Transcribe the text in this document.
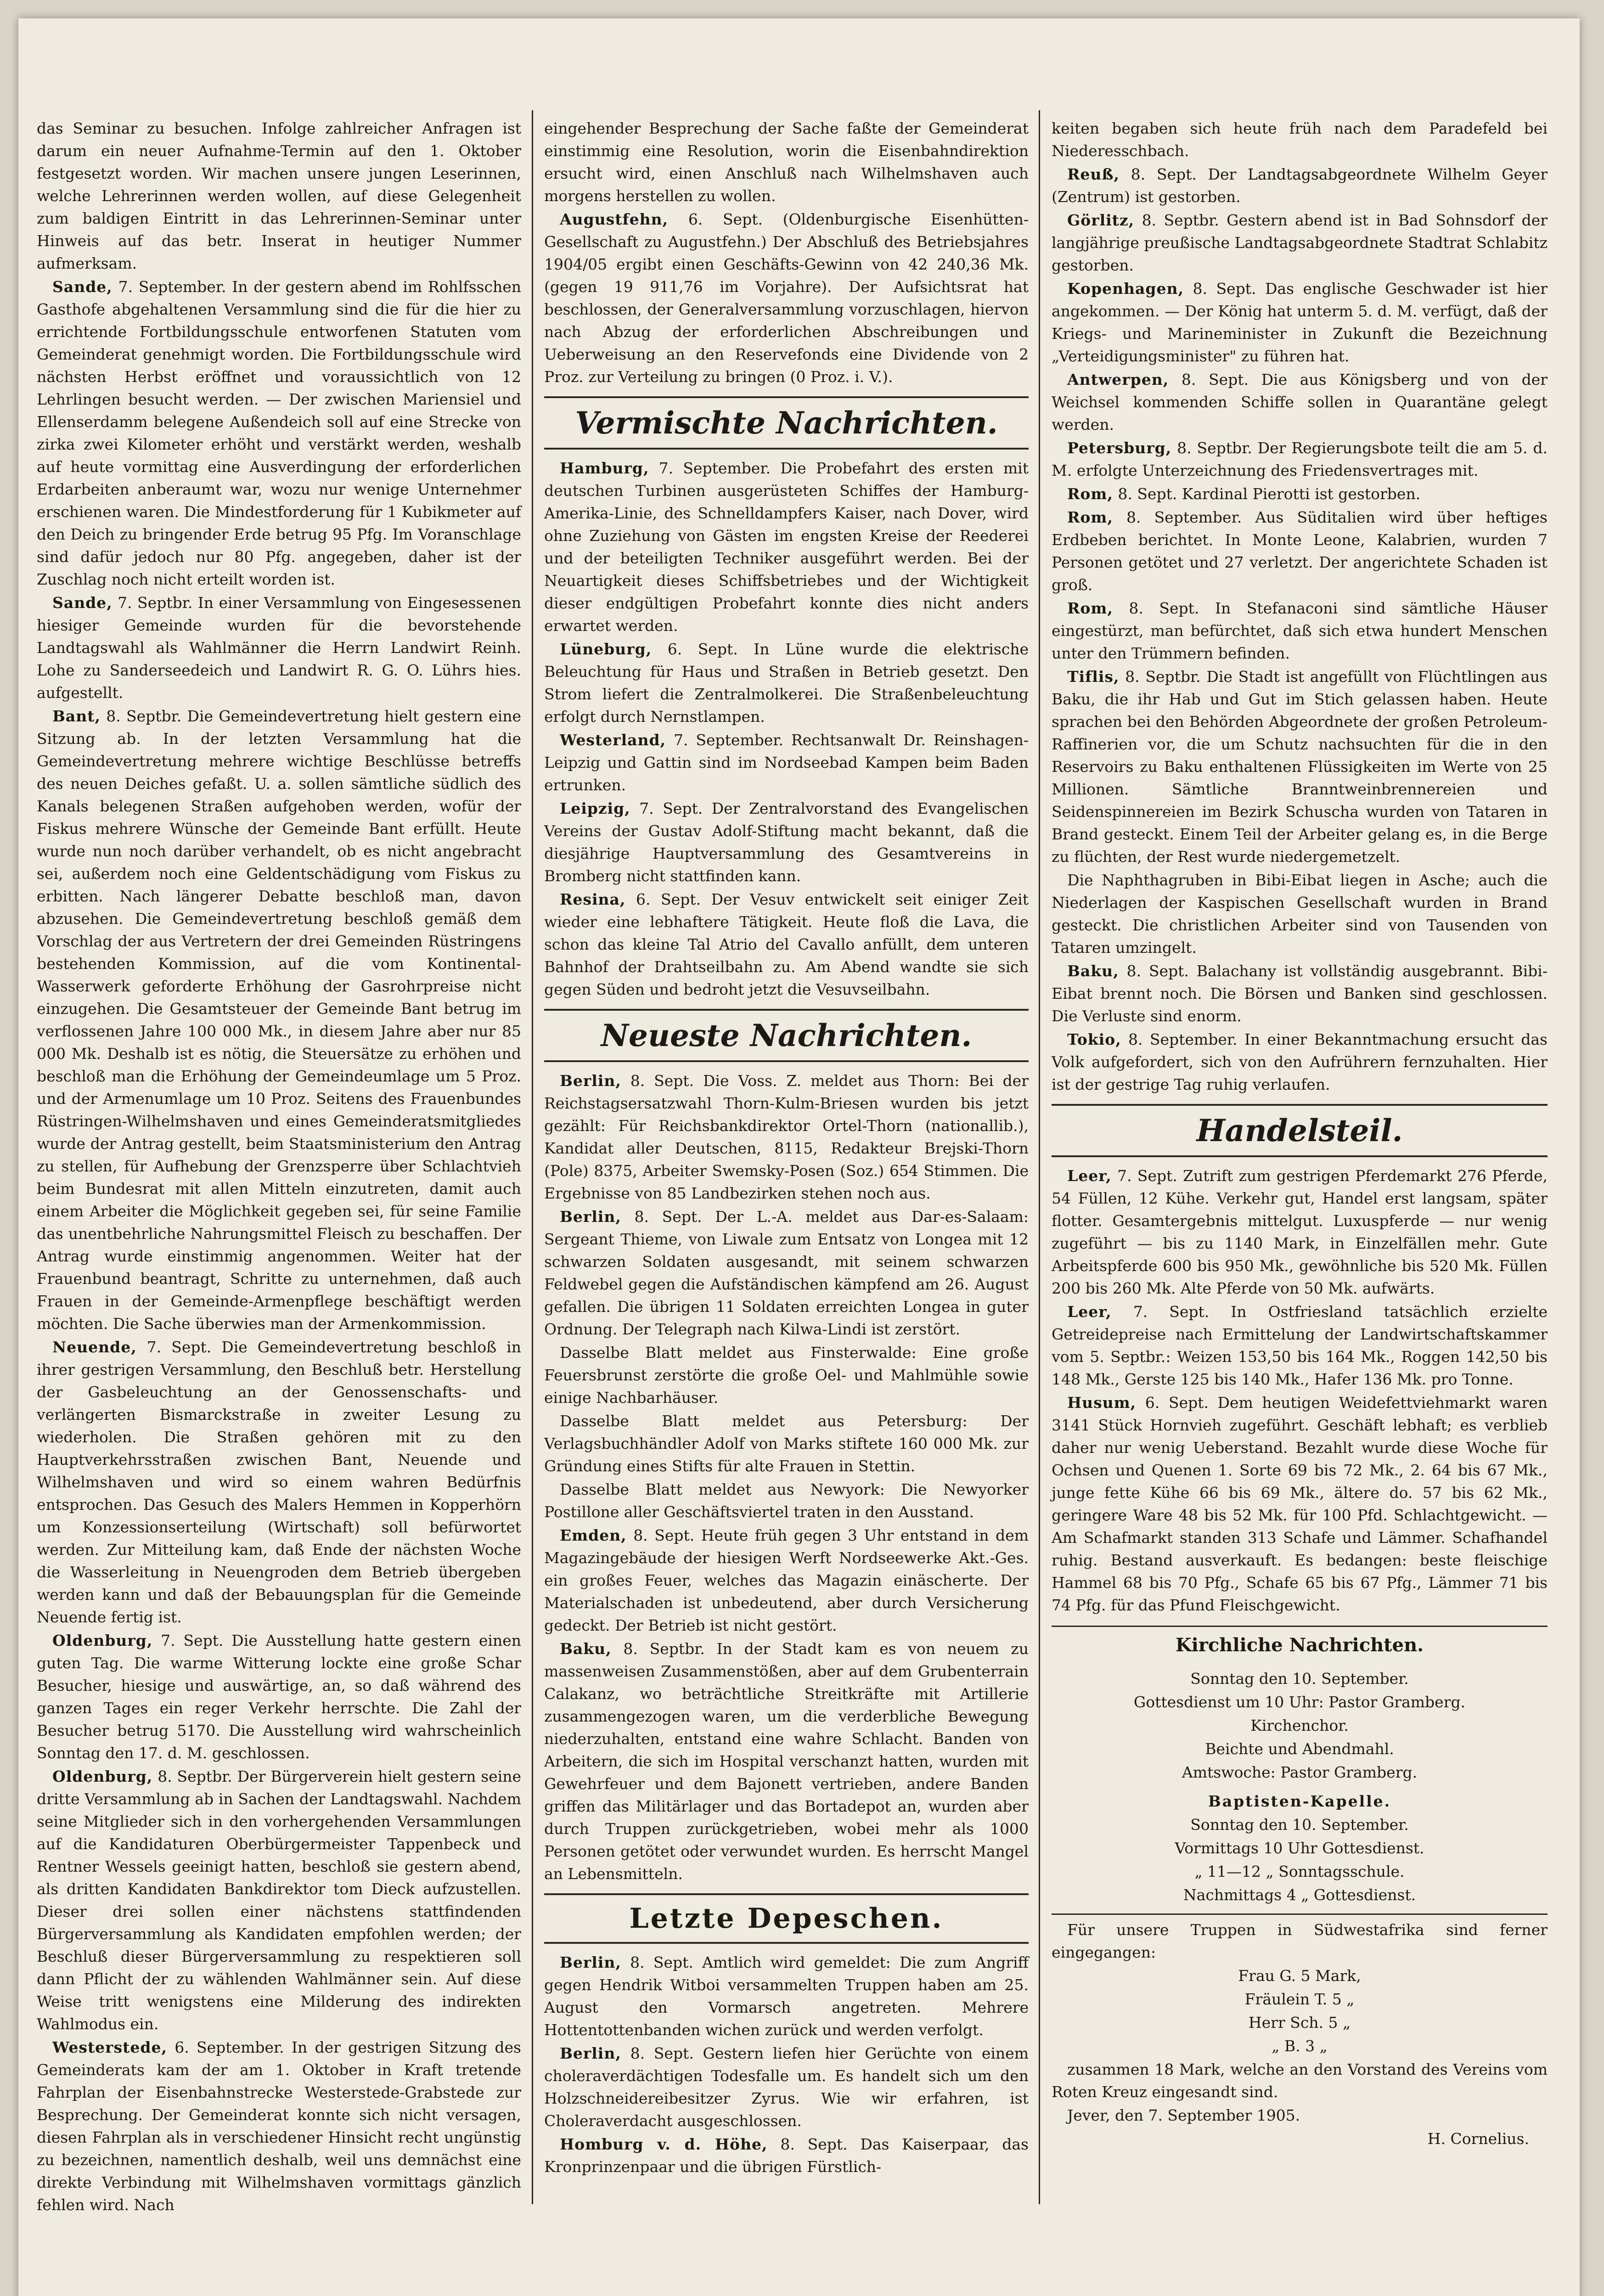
das Seminar zu besuchen. Infolge zahlreicher Anfragen ist darum ein neuer Aufnahme-Termin auf den 1. Oktober festgesetzt worden. Wir machen unsere jungen Leserinnen, welche Lehrerinnen werden wollen, auf diese Gelegenheit zum baldigen Eintritt in das Lehrerinnen-Seminar unter Hinweis auf das betr. Inserat in heutiger Nummer aufmerksam.

Sande, 7. September. In der gestern abend im Rohlfsschen Gasthofe abgehaltenen Versammlung sind die für die hier zu errichtende Fortbildungsschule entworfenen Statuten vom Gemeinderat genehmigt worden. Die Fortbildungsschule wird nächsten Herbst eröffnet und voraussichtlich von 12 Lehrlingen besucht werden. — Der zwischen Mariensiel und Ellenserdamm belegene Außendeich soll auf eine Strecke von zirka zwei Kilometer erhöht und verstärkt werden, weshalb auf heute vormittag eine Ausverdingung der erforderlichen Erdarbeiten anberaumt war, wozu nur wenige Unternehmer erschienen waren. Die Mindestforderung für 1 Kubikmeter auf den Deich zu bringender Erde betrug 95 Pfg. Im Voranschlage sind dafür jedoch nur 80 Pfg. angegeben, daher ist der Zuschlag noch nicht erteilt worden ist.

Sande, 7. Septbr. In einer Versammlung von Eingesessenen hiesiger Gemeinde wurden für die bevorstehende Landtagswahl als Wahlmänner die Herrn Landwirt Reinh. Lohe zu Sanderseedeich und Landwirt R. G. O. Lührs hies. aufgestellt.

Bant, 8. Septbr. Die Gemeindevertretung hielt gestern eine Sitzung ab. In der letzten Versammlung hat die Gemeindevertretung mehrere wichtige Beschlüsse betreffs des neuen Deiches gefaßt. U. a. sollen sämtliche südlich des Kanals belegenen Straßen aufgehoben werden, wofür der Fiskus mehrere Wünsche der Gemeinde Bant erfüllt. Heute wurde nun noch darüber verhandelt, ob es nicht angebracht sei, außerdem noch eine Geldentschädigung vom Fiskus zu erbitten. Nach längerer Debatte beschloß man, davon abzusehen. Die Gemeindevertretung beschloß gemäß dem Vorschlag der aus Vertretern der drei Gemeinden Rüstringens bestehenden Kommission, auf die vom Kontinental-Wasserwerk geforderte Erhöhung der Gasrohrpreise nicht einzugehen. Die Gesamtsteuer der Gemeinde Bant betrug im verflossenen Jahre 100 000 Mk., in diesem Jahre aber nur 85 000 Mk. Deshalb ist es nötig, die Steuersätze zu erhöhen und beschloß man die Erhöhung der Gemeindeumlage um 5 Proz. und der Armenumlage um 10 Proz. Seitens des Frauenbundes Rüstringen-Wilhelmshaven und eines Gemeinderatsmitgliedes wurde der Antrag gestellt, beim Staatsministerium den Antrag zu stellen, für Aufhebung der Grenzsperre über Schlachtvieh beim Bundesrat mit allen Mitteln einzutreten, damit auch einem Arbeiter die Möglichkeit gegeben sei, für seine Familie das unentbehrliche Nahrungsmittel Fleisch zu beschaffen. Der Antrag wurde einstimmig angenommen. Weiter hat der Frauenbund beantragt, Schritte zu unternehmen, daß auch Frauen in der Gemeinde-Armenpflege beschäftigt werden möchten. Die Sache überwies man der Armenkommission.

Neuende, 7. Sept. Die Gemeindevertretung beschloß in ihrer gestrigen Versammlung, den Beschluß betr. Herstellung der Gasbeleuchtung an der Genossenschafts- und verlängerten Bismarckstraße in zweiter Lesung zu wiederholen. Die Straßen gehören mit zu den Hauptverkehrsstraßen zwischen Bant, Neuende und Wilhelmshaven und wird so einem wahren Bedürfnis entsprochen. Das Gesuch des Malers Hemmen in Kopperhörn um Konzessionserteilung (Wirtschaft) soll befürwortet werden. Zur Mitteilung kam, daß Ende der nächsten Woche die Wasserleitung in Neuengroden dem Betrieb übergeben werden kann und daß der Bebauungsplan für die Gemeinde Neuende fertig ist.

Oldenburg, 7. Sept. Die Ausstellung hatte gestern einen guten Tag. Die warme Witterung lockte eine große Schar Besucher, hiesige und auswärtige, an, so daß während des ganzen Tages ein reger Verkehr herrschte. Die Zahl der Besucher betrug 5170. Die Ausstellung wird wahrscheinlich Sonntag den 17. d. M. geschlossen.

Oldenburg, 8. Septbr. Der Bürgerverein hielt gestern seine dritte Versammlung ab in Sachen der Landtagswahl. Nachdem seine Mitglieder sich in den vorhergehenden Versammlungen auf die Kandidaturen Oberbürgermeister Tappenbeck und Rentner Wessels geeinigt hatten, beschloß sie gestern abend, als dritten Kandidaten Bankdirektor tom Dieck aufzustellen. Dieser drei sollen einer nächstens stattfindenden Bürgerversammlung als Kandidaten empfohlen werden; der Beschluß dieser Bürgerversammlung zu respektieren soll dann Pflicht der zu wählenden Wahlmänner sein. Auf diese Weise tritt wenigstens eine Milderung des indirekten Wahlmodus ein.

Westerstede, 6. September. In der gestrigen Sitzung des Gemeinderats kam der am 1. Oktober in Kraft tretende Fahrplan der Eisenbahnstrecke Westerstede-Grabstede zur Besprechung. Der Gemeinderat konnte sich nicht versagen, diesen Fahrplan als in verschiedener Hinsicht recht ungünstig zu bezeichnen, namentlich deshalb, weil uns demnächst eine direkte Verbindung mit Wilhelmshaven vormittags gänzlich fehlen wird. Nach

eingehender Besprechung der Sache faßte der Gemeinderat einstimmig eine Resolution, worin die Eisenbahndirektion ersucht wird, einen Anschluß nach Wilhelmshaven auch morgens herstellen zu wollen.

Augustfehn, 6. Sept. (Oldenburgische Eisenhütten-Gesellschaft zu Augustfehn.) Der Abschluß des Betriebsjahres 1904/05 ergibt einen Geschäfts-Gewinn von 42 240,36 Mk. (gegen 19 911,76 im Vorjahre). Der Aufsichtsrat hat beschlossen, der Generalversammlung vorzuschlagen, hiervon nach Abzug der erforderlichen Abschreibungen und Ueberweisung an den Reservefonds eine Dividende von 2 Proz. zur Verteilung zu bringen (0 Proz. i. V.).

Vermischte Nachrichten.

Hamburg, 7. September. Die Probefahrt des ersten mit deutschen Turbinen ausgerüsteten Schiffes der Hamburg-Amerika-Linie, des Schnelldampfers Kaiser, nach Dover, wird ohne Zuziehung von Gästen im engsten Kreise der Reederei und der beteiligten Techniker ausgeführt werden. Bei der Neuartigkeit dieses Schiffsbetriebes und der Wichtigkeit dieser endgültigen Probefahrt konnte dies nicht anders erwartet werden.

Lüneburg, 6. Sept. In Lüne wurde die elektrische Beleuchtung für Haus und Straßen in Betrieb gesetzt. Den Strom liefert die Zentralmolkerei. Die Straßenbeleuchtung erfolgt durch Nernstlampen.

Westerland, 7. September. Rechtsanwalt Dr. Reinshagen-Leipzig und Gattin sind im Nordseebad Kampen beim Baden ertrunken.

Leipzig, 7. Sept. Der Zentralvorstand des Evangelischen Vereins der Gustav Adolf-Stiftung macht bekannt, daß die diesjährige Hauptversammlung des Gesamtvereins in Bromberg nicht stattfinden kann.

Resina, 6. Sept. Der Vesuv entwickelt seit einiger Zeit wieder eine lebhaftere Tätigkeit. Heute floß die Lava, die schon das kleine Tal Atrio del Cavallo anfüllt, dem unteren Bahnhof der Drahtseilbahn zu. Am Abend wandte sie sich gegen Süden und bedroht jetzt die Vesuvseilbahn.

Neueste Nachrichten.

Berlin, 8. Sept. Die Voss. Z. meldet aus Thorn: Bei der Reichstagsersatzwahl Thorn-Kulm-Briesen wurden bis jetzt gezählt: Für Reichsbankdirektor Ortel-Thorn (nationallib.), Kandidat aller Deutschen, 8115, Redakteur Brejski-Thorn (Pole) 8375, Arbeiter Swemsky-Posen (Soz.) 654 Stimmen. Die Ergebnisse von 85 Landbezirken stehen noch aus.

Berlin, 8. Sept. Der L.-A. meldet aus Dar-es-Salaam: Sergeant Thieme, von Liwale zum Entsatz von Longea mit 12 schwarzen Soldaten ausgesandt, mit seinem schwarzen Feldwebel gegen die Aufständischen kämpfend am 26. August gefallen. Die übrigen 11 Soldaten erreichten Longea in guter Ordnung. Der Telegraph nach Kilwa-Lindi ist zerstört.

Dasselbe Blatt meldet aus Finsterwalde: Eine große Feuersbrunst zerstörte die große Oel- und Mahlmühle sowie einige Nachbarhäuser.

Dasselbe Blatt meldet aus Petersburg: Der Verlagsbuchhändler Adolf von Marks stiftete 160 000 Mk. zur Gründung eines Stifts für alte Frauen in Stettin.

Dasselbe Blatt meldet aus Newyork: Die Newyorker Postillone aller Geschäftsviertel traten in den Ausstand.

Emden, 8. Sept. Heute früh gegen 3 Uhr entstand in dem Magazingebäude der hiesigen Werft Nordseewerke Akt.-Ges. ein großes Feuer, welches das Magazin einäscherte. Der Materialschaden ist unbedeutend, aber durch Versicherung gedeckt. Der Betrieb ist nicht gestört.

Baku, 8. Septbr. In der Stadt kam es von neuem zu massenweisen Zusammenstößen, aber auf dem Grubenterrain Calakanz, wo beträchtliche Streitkräfte mit Artillerie zusammengezogen waren, um die verderbliche Bewegung niederzuhalten, entstand eine wahre Schlacht. Banden von Arbeitern, die sich im Hospital verschanzt hatten, wurden mit Gewehrfeuer und dem Bajonett vertrieben, andere Banden griffen das Militärlager und das Bortadepot an, wurden aber durch Truppen zurückgetrieben, wobei mehr als 1000 Personen getötet oder verwundet wurden. Es herrscht Mangel an Lebensmitteln.

Letzte Depeschen.

Berlin, 8. Sept. Amtlich wird gemeldet: Die zum Angriff gegen Hendrik Witboi versammelten Truppen haben am 25. August den Vormarsch angetreten. Mehrere Hottentottenbanden wichen zurück und werden verfolgt.

Berlin, 8. Sept. Gestern liefen hier Gerüchte von einem choleraverdächtigen Todesfalle um. Es handelt sich um den Holzschneidereibesitzer Zyrus. Wie wir erfahren, ist Choleraverdacht ausgeschlossen.

Homburg v. d. Höhe, 8. Sept. Das Kaiserpaar, das Kronprinzenpaar und die übrigen Fürstlich-

keiten begaben sich heute früh nach dem Paradefeld bei Niederesschbach.

Reuß, 8. Sept. Der Landtagsabgeordnete Wilhelm Geyer (Zentrum) ist gestorben.

Görlitz, 8. Septbr. Gestern abend ist in Bad Sohnsdorf der langjährige preußische Landtagsabgeordnete Stadtrat Schlabitz gestorben.

Kopenhagen, 8. Sept. Das englische Geschwader ist hier angekommen. — Der König hat unterm 5. d. M. verfügt, daß der Kriegs- und Marineminister in Zukunft die Bezeichnung „Verteidigungsminister" zu führen hat.

Antwerpen, 8. Sept. Die aus Königsberg und von der Weichsel kommenden Schiffe sollen in Quarantäne gelegt werden.

Petersburg, 8. Septbr. Der Regierungsbote teilt die am 5. d. M. erfolgte Unterzeichnung des Friedensvertrages mit.

Rom, 8. Sept. Kardinal Pierotti ist gestorben.

Rom, 8. September. Aus Süditalien wird über heftiges Erdbeben berichtet. In Monte Leone, Kalabrien, wurden 7 Personen getötet und 27 verletzt. Der angerichtete Schaden ist groß.

Rom, 8. Sept. In Stefanaconi sind sämtliche Häuser eingestürzt, man befürchtet, daß sich etwa hundert Menschen unter den Trümmern befinden.

Tiflis, 8. Septbr. Die Stadt ist angefüllt von Flüchtlingen aus Baku, die ihr Hab und Gut im Stich gelassen haben. Heute sprachen bei den Behörden Abgeordnete der großen Petroleum-Raffinerien vor, die um Schutz nachsuchten für die in den Reservoirs zu Baku enthaltenen Flüssigkeiten im Werte von 25 Millionen. Sämtliche Branntweinbrennereien und Seidenspinnereien im Bezirk Schuscha wurden von Tataren in Brand gesteckt. Einem Teil der Arbeiter gelang es, in die Berge zu flüchten, der Rest wurde niedergemetzelt.

Die Naphthagruben in Bibi-Eibat liegen in Asche; auch die Niederlagen der Kaspischen Gesellschaft wurden in Brand gesteckt. Die christlichen Arbeiter sind von Tausenden von Tataren umzingelt.

Baku, 8. Sept. Balachany ist vollständig ausgebrannt. Bibi-Eibat brennt noch. Die Börsen und Banken sind geschlossen. Die Verluste sind enorm.

Tokio, 8. September. In einer Bekanntmachung ersucht das Volk aufgefordert, sich von den Aufrührern fernzuhalten. Hier ist der gestrige Tag ruhig verlaufen.

Handelsteil.

Leer, 7. Sept. Zutrift zum gestrigen Pferdemarkt 276 Pferde, 54 Füllen, 12 Kühe. Verkehr gut, Handel erst langsam, später flotter. Gesamtergebnis mittelgut. Luxuspferde — nur wenig zugeführt — bis zu 1140 Mark, in Einzelfällen mehr. Gute Arbeitspferde 600 bis 950 Mk., gewöhnliche bis 520 Mk. Füllen 200 bis 260 Mk. Alte Pferde von 50 Mk. aufwärts.

Leer, 7. Sept. In Ostfriesland tatsächlich erzielte Getreidepreise nach Ermittelung der Landwirtschaftskammer vom 5. Septbr.: Weizen 153,50 bis 164 Mk., Roggen 142,50 bis 148 Mk., Gerste 125 bis 140 Mk., Hafer 136 Mk. pro Tonne.

Husum, 6. Sept. Dem heutigen Weidefettviehmarkt waren 3141 Stück Hornvieh zugeführt. Geschäft lebhaft; es verblieb daher nur wenig Ueberstand. Bezahlt wurde diese Woche für Ochsen und Quenen 1. Sorte 69 bis 72 Mk., 2. 64 bis 67 Mk., junge fette Kühe 66 bis 69 Mk., ältere do. 57 bis 62 Mk., geringere Ware 48 bis 52 Mk. für 100 Pfd. Schlachtgewicht. — Am Schafmarkt standen 313 Schafe und Lämmer. Schafhandel ruhig. Bestand ausverkauft. Es bedangen: beste fleischige Hammel 68 bis 70 Pfg., Schafe 65 bis 67 Pfg., Lämmer 71 bis 74 Pfg. für das Pfund Fleischgewicht.

Kirchliche Nachrichten.

Sonntag den 10. September.

Gottesdienst um 10 Uhr: Pastor Gramberg.

Kirchenchor.

Beichte und Abendmahl.

Amtswoche: Pastor Gramberg.

Baptisten-Kapelle.

Sonntag den 10. September.

Vormittags 10 Uhr Gottesdienst.

„ 11—12 „ Sonntagsschule.

Nachmittags 4 „ Gottesdienst.

Für unsere Truppen in Südwestafrika sind ferner eingegangen:

Frau G. 5 Mark,

Fräulein T. 5 „

Herr Sch. 5 „

„ B. 3 „

zusammen 18 Mark, welche an den Vorstand des Vereins vom Roten Kreuz eingesandt sind.

Jever, den 7. September 1905.

H. Cornelius.
